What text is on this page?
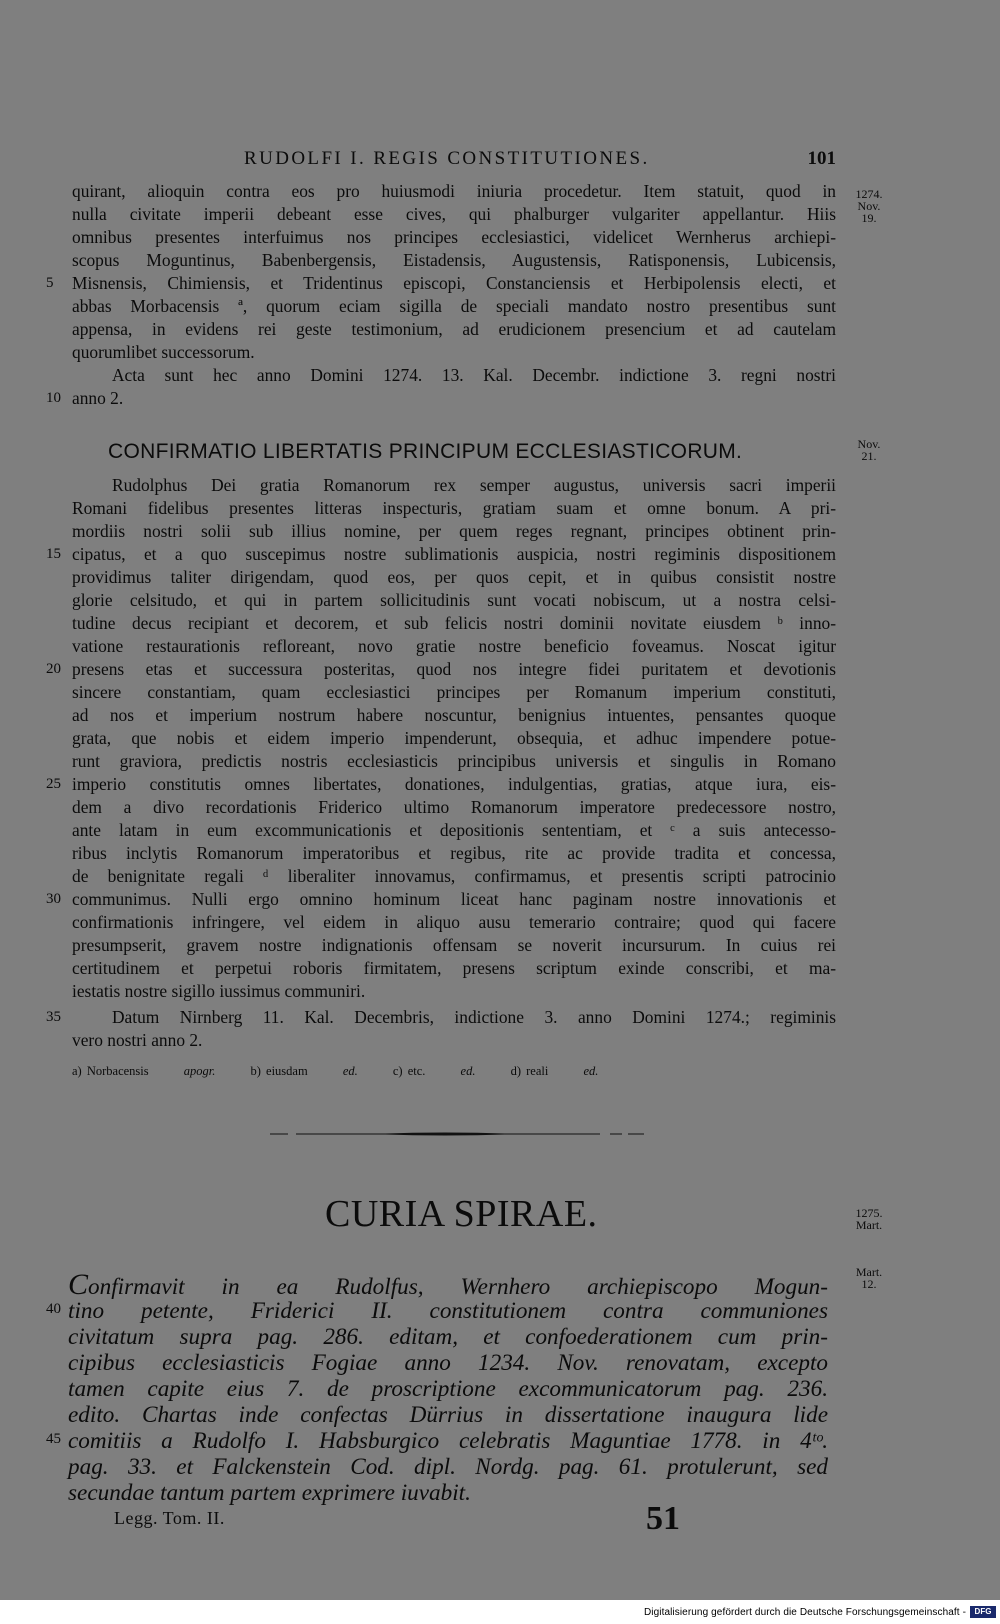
RUDOLFI I. REGIS CONSTITUTIONES.	101
quirant, alioquin contra eos pro huiusmodi iniuria procedetur. Item statuit, quod in
nulla civitate imperii debeant esse cives, qui phalburger vulgariter appellantur. Hiis
omnibus presentes interfuimus nos principes ecclesiastici, videlicet Wernherus archiepi-
scopus Moguntinus, Babenbergensis, Eistadensis, Augustensis, Ratisponensis, Lubicensis,
Misnensis, Chimiensis, et Tridentinus episcopi, Constanciensis et Herbipolensis electi, et
abbas Morbacensis ª, quorum eciam sigilla de speciali mandato nostro presentibus sunt
appensa, in evidens rei geste testimonium, ad erudicionem presencium et ad cautelam
quorumlibet successorum.
Acta sunt hec anno Domini 1274. 13. Kal. Decembr. indictione 3. regni nostri
anno 2.
CONFIRMATIO LIBERTATIS PRINCIPUM ECCLESIASTICORUM.
Rudolphus Dei gratia Romanorum rex semper augustus, universis sacri imperii
Romani fidelibus presentes litteras inspecturis, gratiam suam et omne bonum. A pri-
mordiis nostri solii sub illius nomine, per quem reges regnant, principes obtinent prin-
cipatus, et a quo suscepimus nostre sublimationis auspicia, nostri regiminis dispositionem
providimus taliter dirigendam, quod eos, per quos cepit, et in quibus consistit nostre
glorie celsitudo, et qui in partem sollicitudinis sunt vocati nobiscum, ut a nostra celsi-
tudine decus recipiant et decorem, et sub felicis nostri dominii novitate eiusdem ᵇ inno-
vatione restaurationis refloreant, novo gratie nostre beneficio foveamus. Noscat igitur
presens etas et successura posteritas, quod nos integre fidei puritatem et devotionis
sincere constantiam, quam ecclesiastici principes per Romanum imperium constituti,
ad nos et imperium nostrum habere noscuntur, benignius intuentes, pensantes quoque
grata, que nobis et eidem imperio impenderunt, obsequia, et adhuc impendere potue-
runt graviora, predictis nostris ecclesiasticis principibus universis et singulis in Romano
imperio constitutis omnes libertates, donationes, indulgentias, gratias, atque iura, eis-
dem a divo recordationis Friderico ultimo Romanorum imperatore predecessore nostro,
ante latam in eum excommunicationis et depositionis sententiam, et ᶜ a suis antecesso-
ribus inclytis Romanorum imperatoribus et regibus, rite ac provide tradita et concessa,
de benignitate regali ᵈ liberaliter innovamus, confirmamus, et presentis scripti patrocinio
communimus. Nulli ergo omnino hominum liceat hanc paginam nostre innovationis et
confirmationis infringere, vel eidem in aliquo ausu temerario contraire; quod qui facere
presumpserit, gravem nostre indignationis offensam se noverit incursurum. In cuius rei
certitudinem et perpetui roboris firmitatem, presens scriptum exinde conscribi, et ma-
iestatis nostre sigillo iussimus communiri.
Datum Nirnberg 11. Kal. Decembris, indictione 3. anno Domini 1274.; regiminis
vero nostri anno 2.
5
10
15
20
25
30
35
40
45
1274.
Nov.
19.
Nov.
21.
1275.
Mart.
Mart.
12.
a) Norbacensis	apogr.	b) eiusdam	ed.	c) etc.	ed.	d) reali	ed.
CURIA SPIRAE.
Confirmavit in ea Rudolfus, Wernhero archiepiscopo Mogun-
tino petente, Friderici II. constitutionem contra communiones
civitatum supra pag. 286. editam, et confoederationem cum prin-
cipibus ecclesiasticis Fogiae anno 1234. Nov. renovatam, excepto
tamen capite eius 7. de proscriptione excommunicatorum pag. 236.
edito. Chartas inde confectas Dürrius in dissertatione inaugura lide
comitiis a Rudolfo I. Habsburgico celebratis Maguntiae 1778. in 4ᵗᵒ.
pag. 33. et Falckenstein Cod. dipl. Nordg. pag. 61. protulerunt, sed
secundae tantum partem exprimere iuvabit.
Legg. Tom. II.	51
Digitalisierung gefördert durch die Deutsche Forschungsgemeinschaft -	DFG
